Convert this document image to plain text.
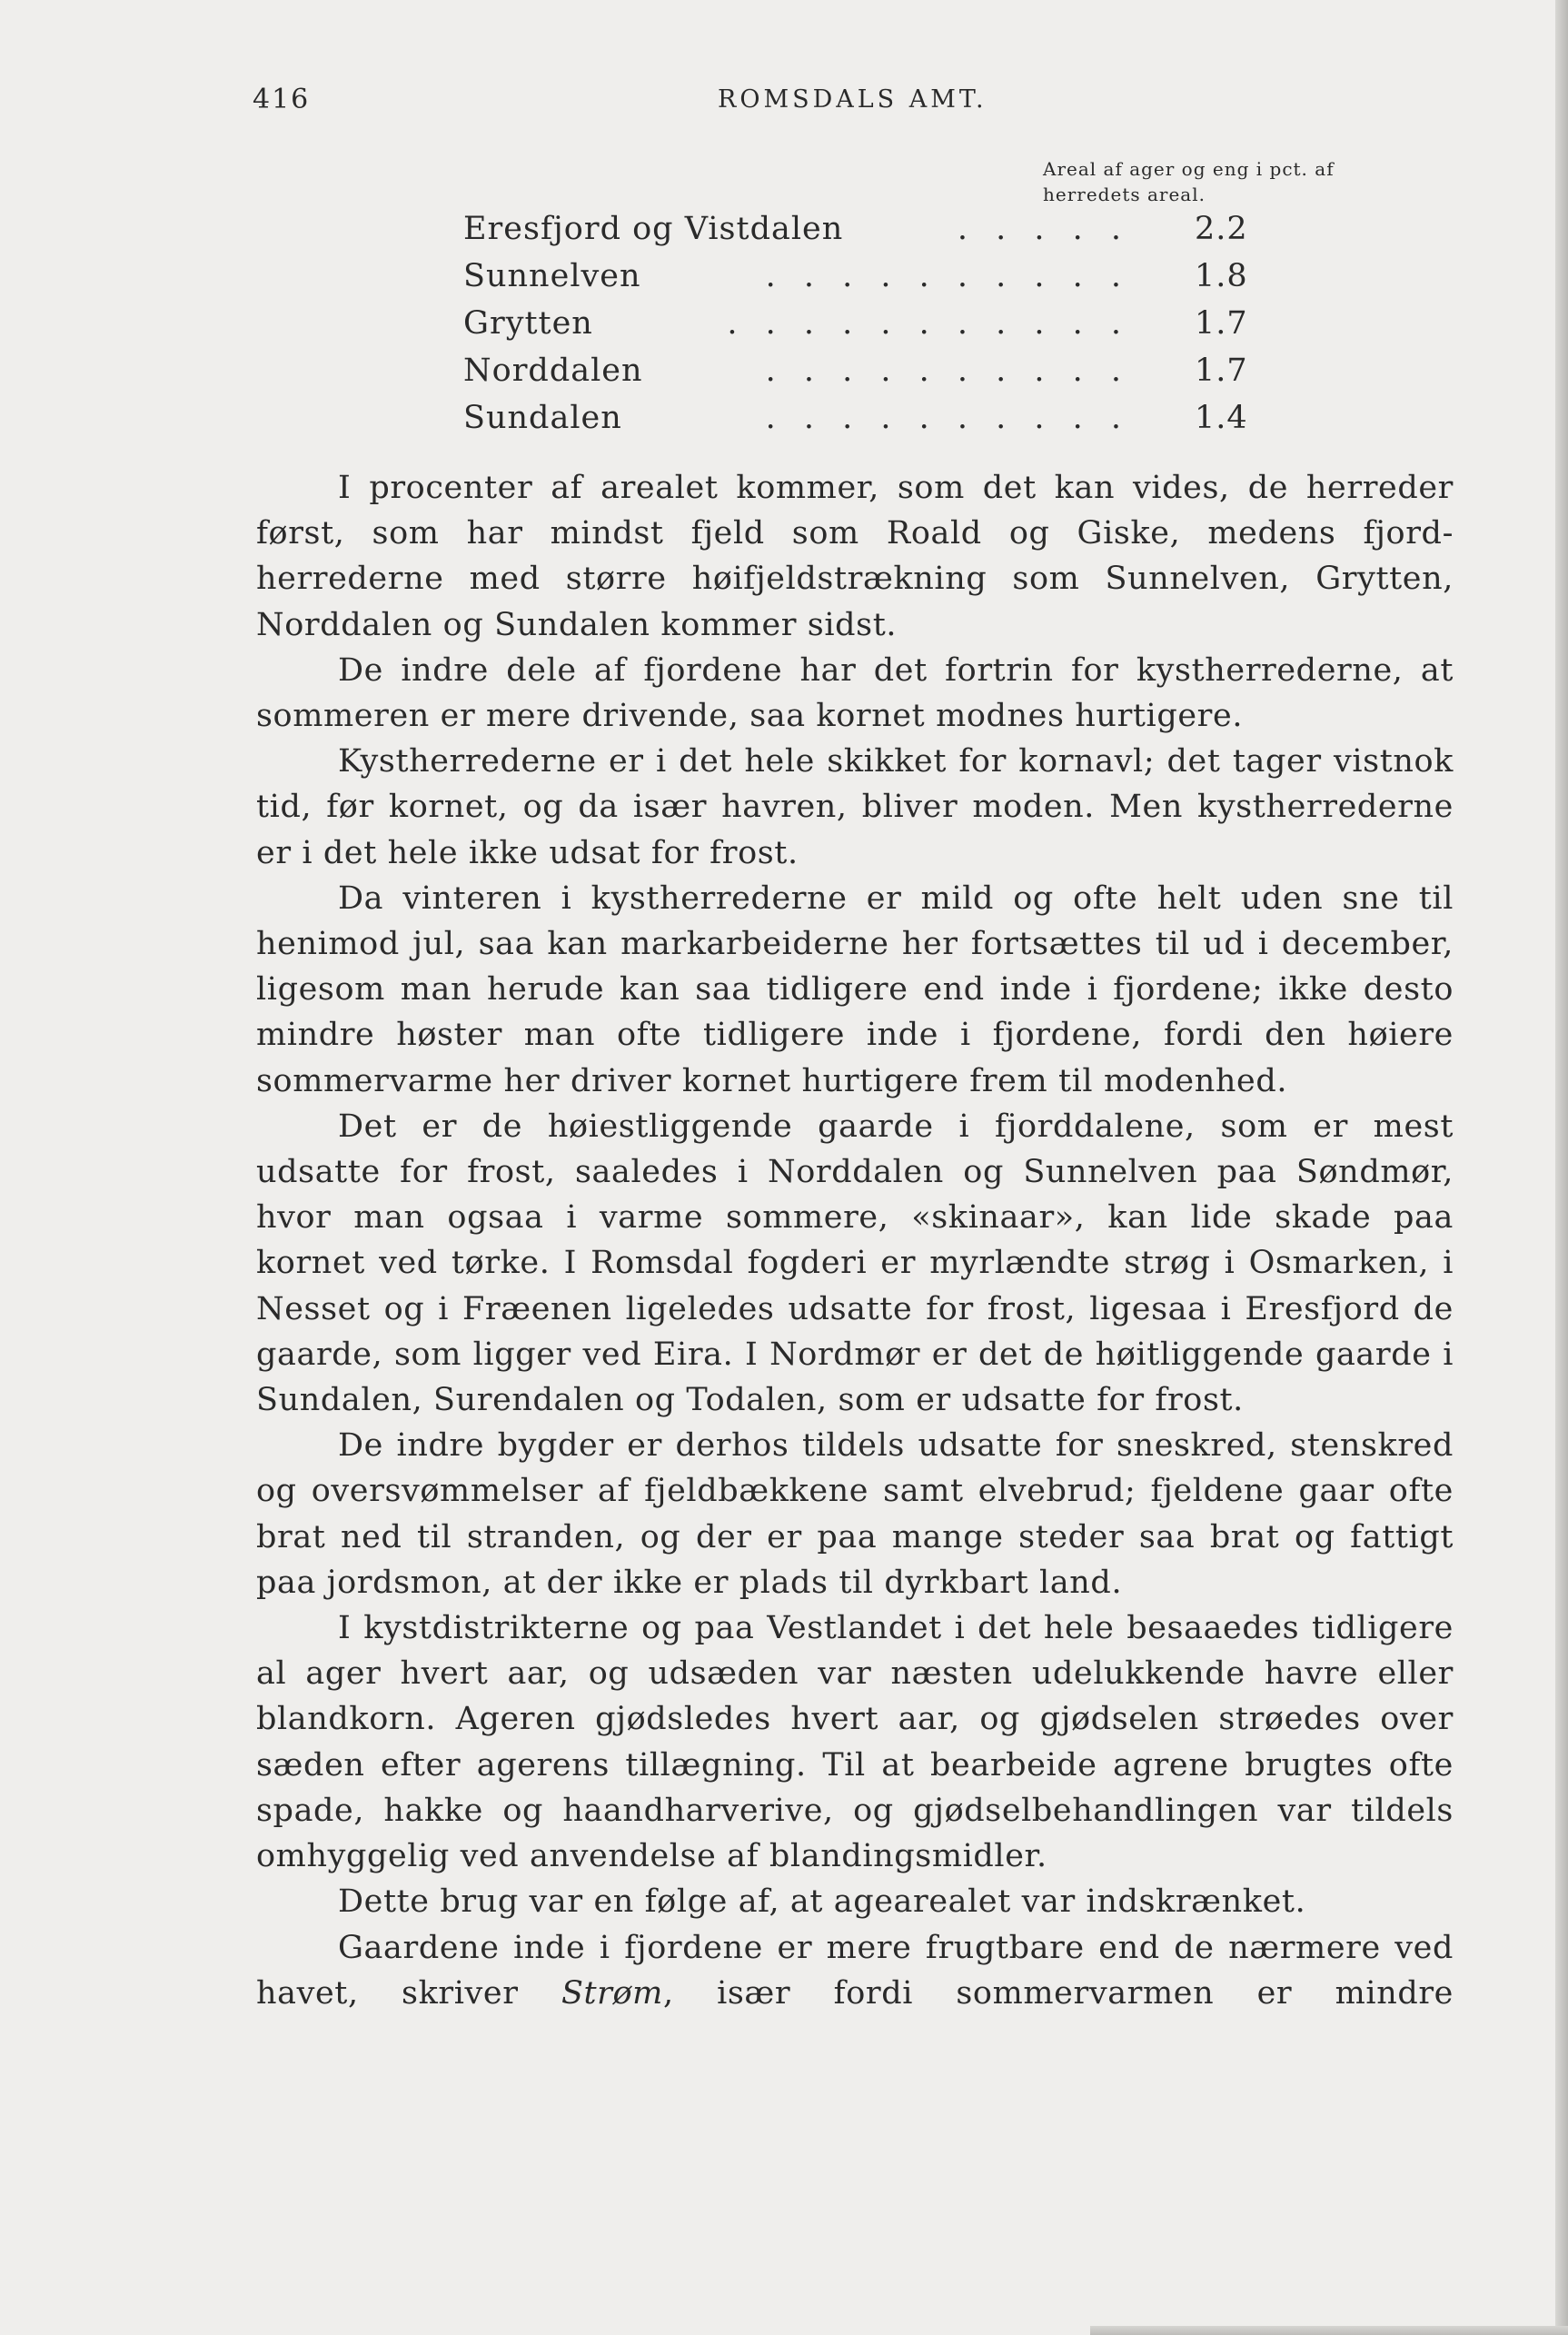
416	ROMSDALS AMT.
Areal af ager og eng i pct. af herredets areal.
Eresfjord og Vistdalen	. . . . . 2.2
Sunnelven	. . . . . . . . . . 1.8
Grytten	. . . . . . . . . . . 1.7
Norddalen	. . . . . . . . . . 1.7
Sundalen	. . . . . . . . . . 1.4

I procenter af arealet kommer, som det kan vides, de herreder først, som har mindst fjeld som Roald og Giske, medens fjord-herrederne med større høifjeldstrækning som Sunnelven, Grytten, Norddalen og Sundalen kommer sidst.

De indre dele af fjordene har det fortrin for kystherrederne, at sommeren er mere drivende, saa kornet modnes hurtigere.

Kystherrederne er i det hele skikket for kornavl; det tager vistnok tid, før kornet, og da især havren, bliver moden. Men kystherrederne er i det hele ikke udsat for frost.

Da vinteren i kystherrederne er mild og ofte helt uden sne til henimod jul, saa kan markarbeiderne her fortsættes til ud i december, ligesom man herude kan saa tidligere end inde i fjordene; ikke desto mindre høster man ofte tidligere inde i fjordene, fordi den høiere sommervarme her driver kornet hurtigere frem til modenhed.

Det er de høiestliggende gaarde i fjorddalene, som er mest udsatte for frost, saaledes i Norddalen og Sunnelven paa Søndmør, hvor man ogsaa i varme sommere, «skinaar», kan lide skade paa kornet ved tørke. I Romsdal fogderi er myrlændte strøg i Osmarken, i Nesset og i Fræenen ligeledes udsatte for frost, ligesaa i Eresfjord de gaarde, som ligger ved Eira. I Nordmør er det de høitliggende gaarde i Sundalen, Surendalen og Todalen, som er udsatte for frost.

De indre bygder er derhos tildels udsatte for sneskred, stenskred og oversvømmelser af fjeldbækkene samt elvebrud; fjeldene gaar ofte brat ned til stranden, og der er paa mange steder saa brat og fattigt paa jordsmon, at der ikke er plads til dyrkbart land.

I kystdistrikterne og paa Vestlandet i det hele besaaedes tidligere al ager hvert aar, og udsæden var næsten udelukkende havre eller blandkorn. Ageren gjødsledes hvert aar, og gjødselen strøedes over sæden efter agerens tillægning. Til at bearbeide agrene brugtes ofte spade, hakke og haandharverive, og gjødselbehandlingen var tildels omhyggelig ved anvendelse af blandingsmidler.

Dette brug var en følge af, at agearealet var indskrænket.

Gaardene inde i fjordene er mere frugtbare end de nærmere ved havet, skriver Strøm, især fordi sommervarmen er mindre
